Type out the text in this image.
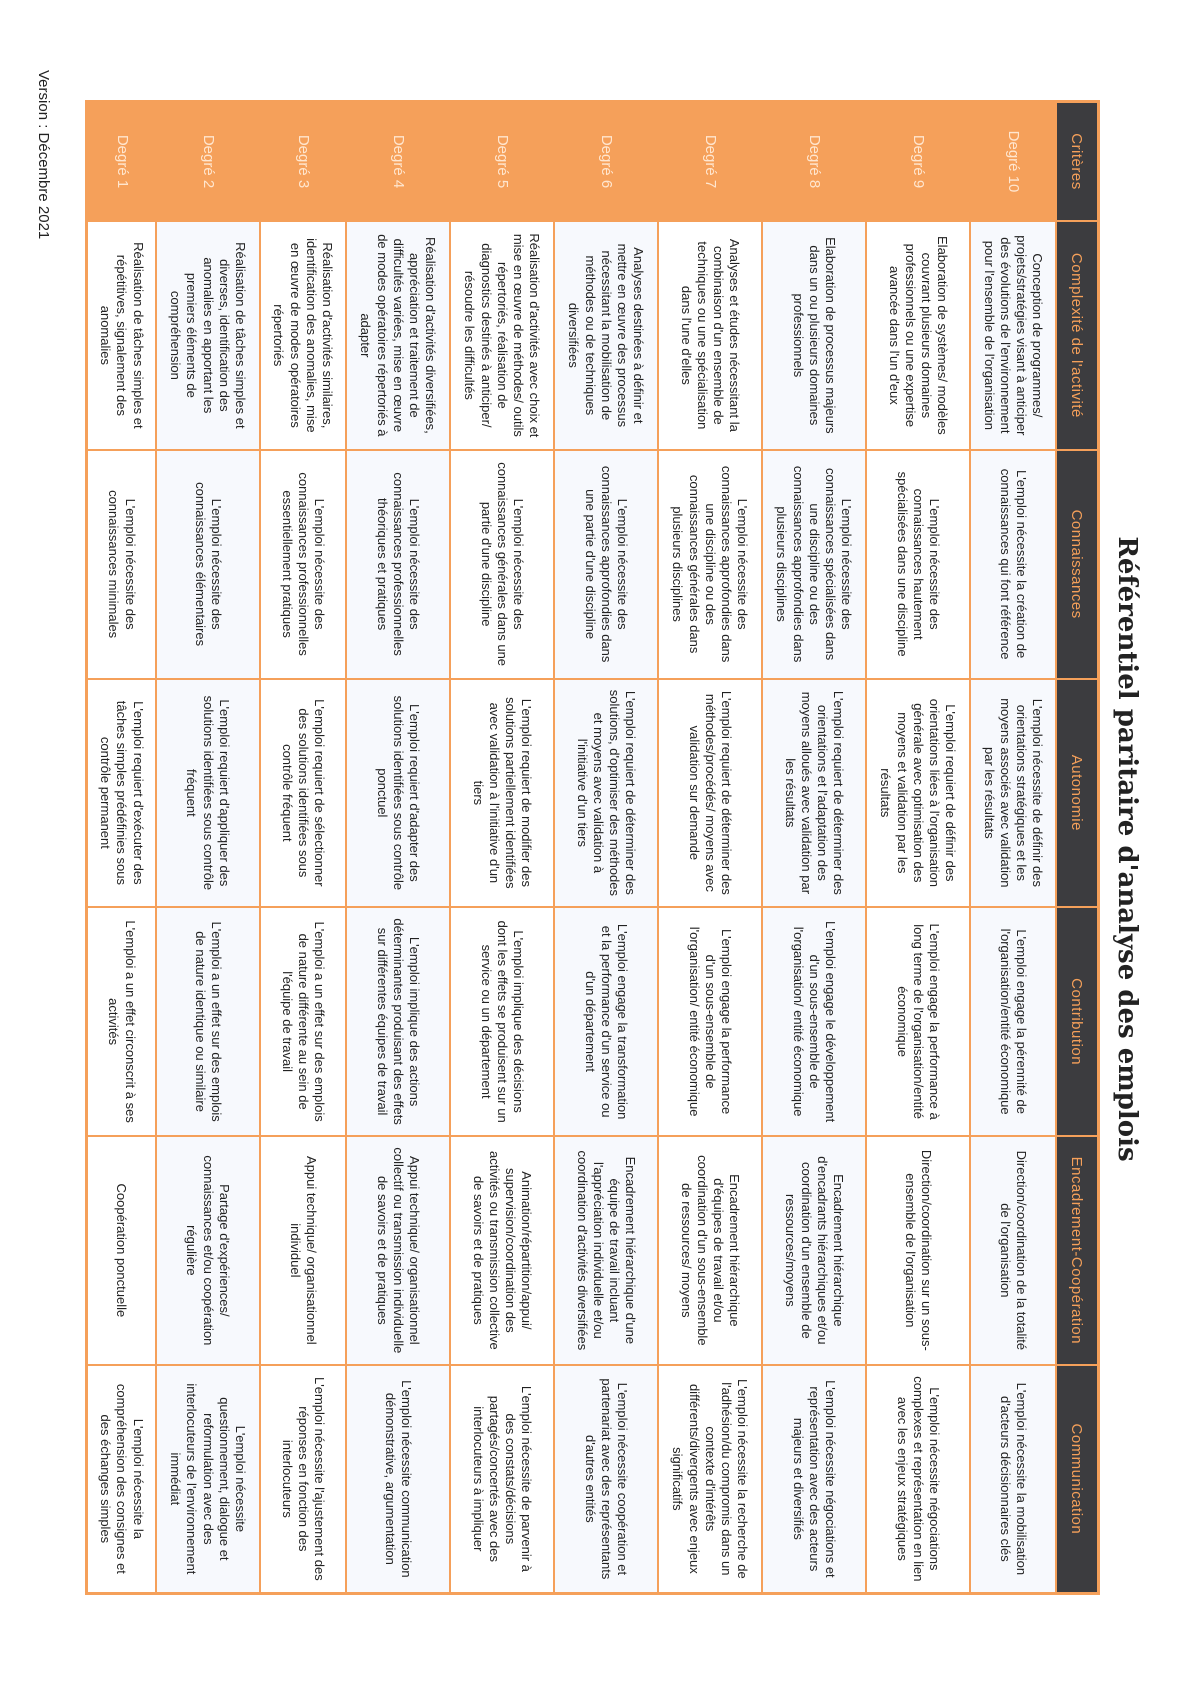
Référentiel paritaire d'analyse des emplois
Critères	Complexité de l'activité	Connaissances	Autonomie	Contribution	Encadrement-Coopération	Communication
Degré 10	Conception de programmes/ projets/stratégies visant à anticiper des évolutions de l'environnement pour l'ensemble de l'organisation	L'emploi nécessite la création de connaissances qui font référence	L'emploi nécessite de définir des orientations stratégiques et les moyens associés avec validation par les résultats	L'emploi engage la pérennité de l'organisation/entité économique	Direction/coordination de la totalité de l'organisation	L'emploi nécessite la mobilisation d'acteurs décisionnaires clés
Degré 9	Elaboration de systèmes/ modèles couvrant plusieurs domaines professionnels ou une expertise avancée dans l'un d'eux	L'emploi nécessite des connaissances hautement spécialisées dans une discipline	L'emploi requiert de définir des orientations liées à l'organisation générale avec optimisation des moyens et validation par les résultats	L'emploi engage la performance à long terme de l'organisation/entité économique	Direction/coordination sur un sous-ensemble de l'organisation	L'emploi nécessite négociations complexes et représentation en lien avec les enjeux stratégiques
Degré 8	Elaboration de processus majeurs dans un ou plusieurs domaines professionnels	L'emploi nécessite des connaissances spécialisées dans une discipline ou des connaissances approfondies dans plusieurs disciplines	L'emploi requiert de déterminer des orientations et l'adaptation des moyens alloués avec validation par les résultats	L'emploi engage le développement d'un sous-ensemble de l'organisation/ entité économique	Encadrement hiérarchique d'encadrants hiérarchiques et/ou coordination d'un ensemble de ressources/moyens	L'emploi nécessite négociations et représentation avec des acteurs majeurs et diversifiés
Degré 7	Analyses et études nécessitant la combinaison d'un ensemble de techniques ou une spécialisation dans l'une d'elles	L'emploi nécessite des connaissances approfondies dans une discipline ou des connaissances générales dans plusieurs disciplines	L'emploi requiert de déterminer des méthodes/procédés/ moyens avec validation sur demande	L'emploi engage la performance d'un sous-ensemble de l'organisation/ entité économique	Encadrement hiérarchique d'équipes de travail et/ou coordination d'un sous-ensemble de ressources/ moyens	L'emploi nécessite la recherche de l'adhésion/du compromis dans un contexte d'intérêts différents/divergents avec enjeux significatifs
Degré 6	Analyses destinées à définir et mettre en œuvre des processus nécessitant la mobilisation de méthodes ou de techniques diversifiées	L'emploi nécessite des connaissances approfondies dans une partie d'une discipline	L'emploi requiert de déterminer des solutions, d'optimiser des méthodes et moyens avec validation à l'initiative d'un tiers	L'emploi engage la transformation et la performance d'un service ou d'un département	Encadrement hiérarchique d'une équipe de travail incluant l'appréciation individuelle et/ou coordination d'activités diversifiées	L'emploi nécessite coopération et partenariat avec des représentants d'autres entités
Degré 5	Réalisation d'activités avec choix et mise en œuvre de méthodes/ outils répertoriés, réalisation de diagnostics destinés à anticiper/ résoudre les difficultés	L'emploi nécessite des connaissances générales dans une partie d'une discipline	L'emploi requiert de modifier des solutions partiellement identifiées avec validation à l'initiative d'un tiers	L'emploi implique des décisions dont les effets se produisent sur un service ou un département	Animation/répartition/appui/ supervision/coordination des activités ou transmission collective de savoirs et de pratiques	L'emploi nécessite de parvenir à des constats/décisions partagés/concertés avec des interlocuteurs à impliquer
Degré 4	Réalisation d'activités diversifiées, appréciation et traitement de difficultés variées, mise en œuvre de modes opératoires répertoriés à adapter	L'emploi nécessite des connaissances professionnelles théoriques et pratiques	L'emploi requiert d'adapter des solutions identifiées sous contrôle ponctuel	L'emploi implique des actions déterminantes produisant des effets sur différentes équipes de travail	Appui technique/ organisationnel collectif ou transmission individuelle de savoirs et de pratiques	L'emploi nécessite communication démonstrative, argumentation
Degré 3	Réalisation d'activités similaires, identification des anomalies, mise en œuvre de modes opératoires répertoriés	L'emploi nécessite des connaissances professionnelles essentiellement pratiques	L'emploi requiert de sélectionner des solutions identifiées sous contrôle fréquent	L'emploi a un effet sur des emplois de nature différente au sein de l'équipe de travail	Appui technique/ organisationnel individuel	L'emploi nécessite l'ajustement des réponses en fonction des interlocuteurs
Degré 2	Réalisation de tâches simples et diverses, identification des anomalies en apportant les premiers éléments de compréhension	L'emploi nécessite des connaissances élémentaires	L'emploi requiert d'appliquer des solutions identifiées sous contrôle fréquent	L'emploi a un effet sur des emplois de nature identique ou similaire	Partage d'expériences/ connaissances et/ou coopération régulière	L'emploi nécessite questionnement, dialogue et reformulation avec des interlocuteurs de l'environnement immédiat
Degré 1	Réalisation de tâches simples et répétitives, signalement des anomalies	L'emploi nécessite des connaissances minimales	L'emploi requiert d'exécuter des tâches simples prédéfinies sous contrôle permanent	L'emploi a un effet circonscrit à ses activités	Coopération ponctuelle	L'emploi nécessite la compréhension des consignes et des échanges simples
Version : Décembre 2021
